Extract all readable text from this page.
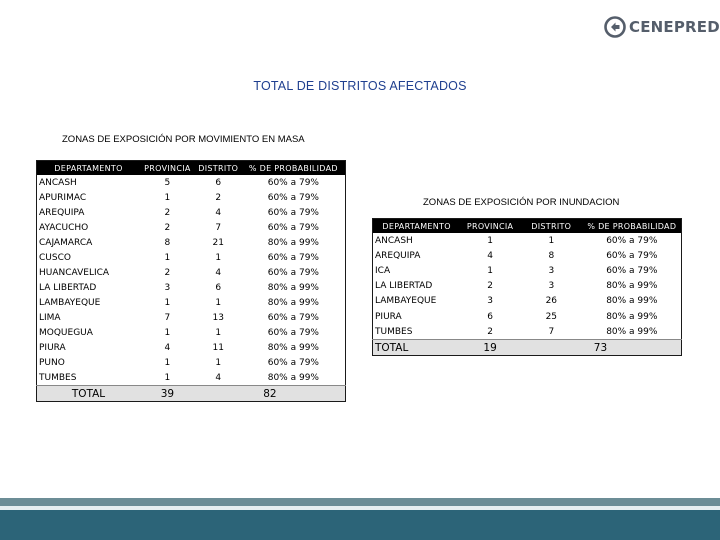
CENEPRED
TOTAL DE DISTRITOS AFECTADOS
ZONAS DE EXPOSICIÓN POR MOVIMIENTO EN MASA
DEPARTAMENTO	PROVINCIA	DISTRITO	% DE PROBABILIDAD
ANCASH	5	6	60% a 79%
APURIMAC	1	2	60% a 79%
AREQUIPA	2	4	60% a 79%
AYACUCHO	2	7	60% a 79%
CAJAMARCA	8	21	80% a 99%
CUSCO	1	1	60% a 79%
HUANCAVELICA	2	4	60% a 79%
LA LIBERTAD	3	6	80% a 99%
LAMBAYEQUE	1	1	80% a 99%
LIMA	7	13	60% a 79%
MOQUEGUA	1	1	60% a 79%
PIURA	4	11	80% a 99%
PUNO	1	1	60% a 79%
TUMBES	1	4	80% a 99%
TOTAL	39	82	
ZONAS DE EXPOSICIÓN POR INUNDACION
DEPARTAMENTO	PROVINCIA	DISTRITO	% DE PROBABILIDAD
ANCASH	1	1	60% a 79%
AREQUIPA	4	8	60% a 79%
ICA	1	3	60% a 79%
LA LIBERTAD	2	3	80% a 99%
LAMBAYEQUE	3	26	80% a 99%
PIURA	6	25	80% a 99%
TUMBES	2	7	80% a 99%
TOTAL	19	73	
